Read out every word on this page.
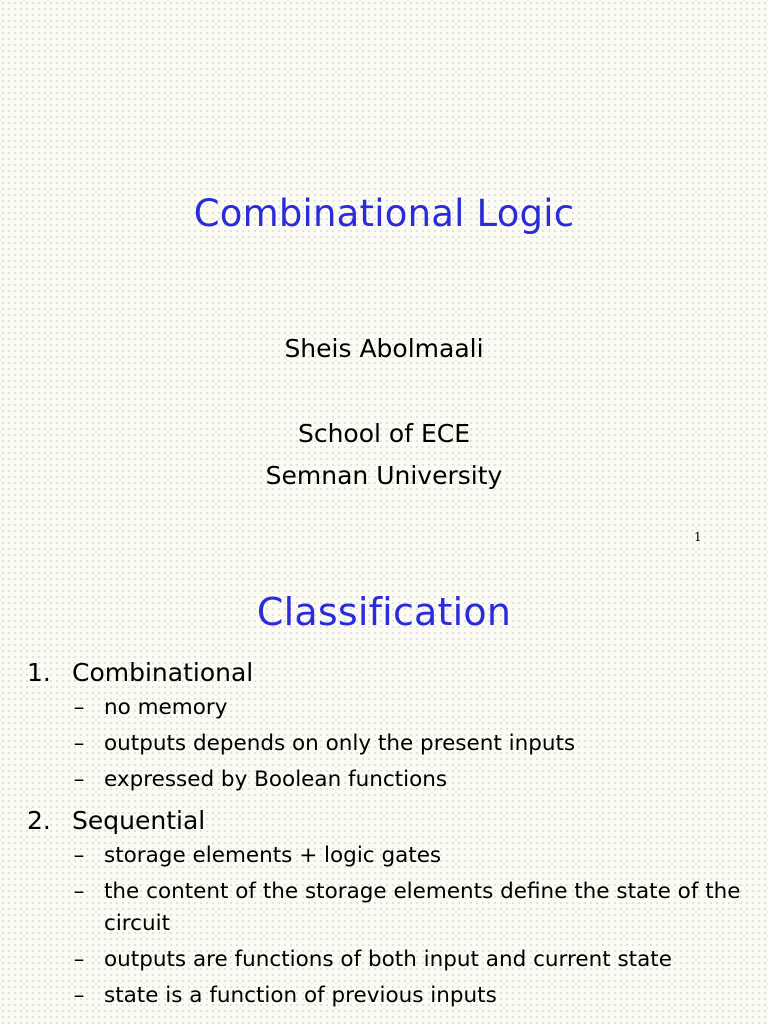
Combinational Logic
Sheis Abolmaali
School of ECE
Semnan University
1
Classification
1. Combinational
– no memory
– outputs depends on only the present inputs
– expressed by Boolean functions
2. Sequential
– storage elements + logic gates
– the content of the storage elements define the state of the circuit
– outputs are functions of both input and current state
– state is a function of previous inputs
